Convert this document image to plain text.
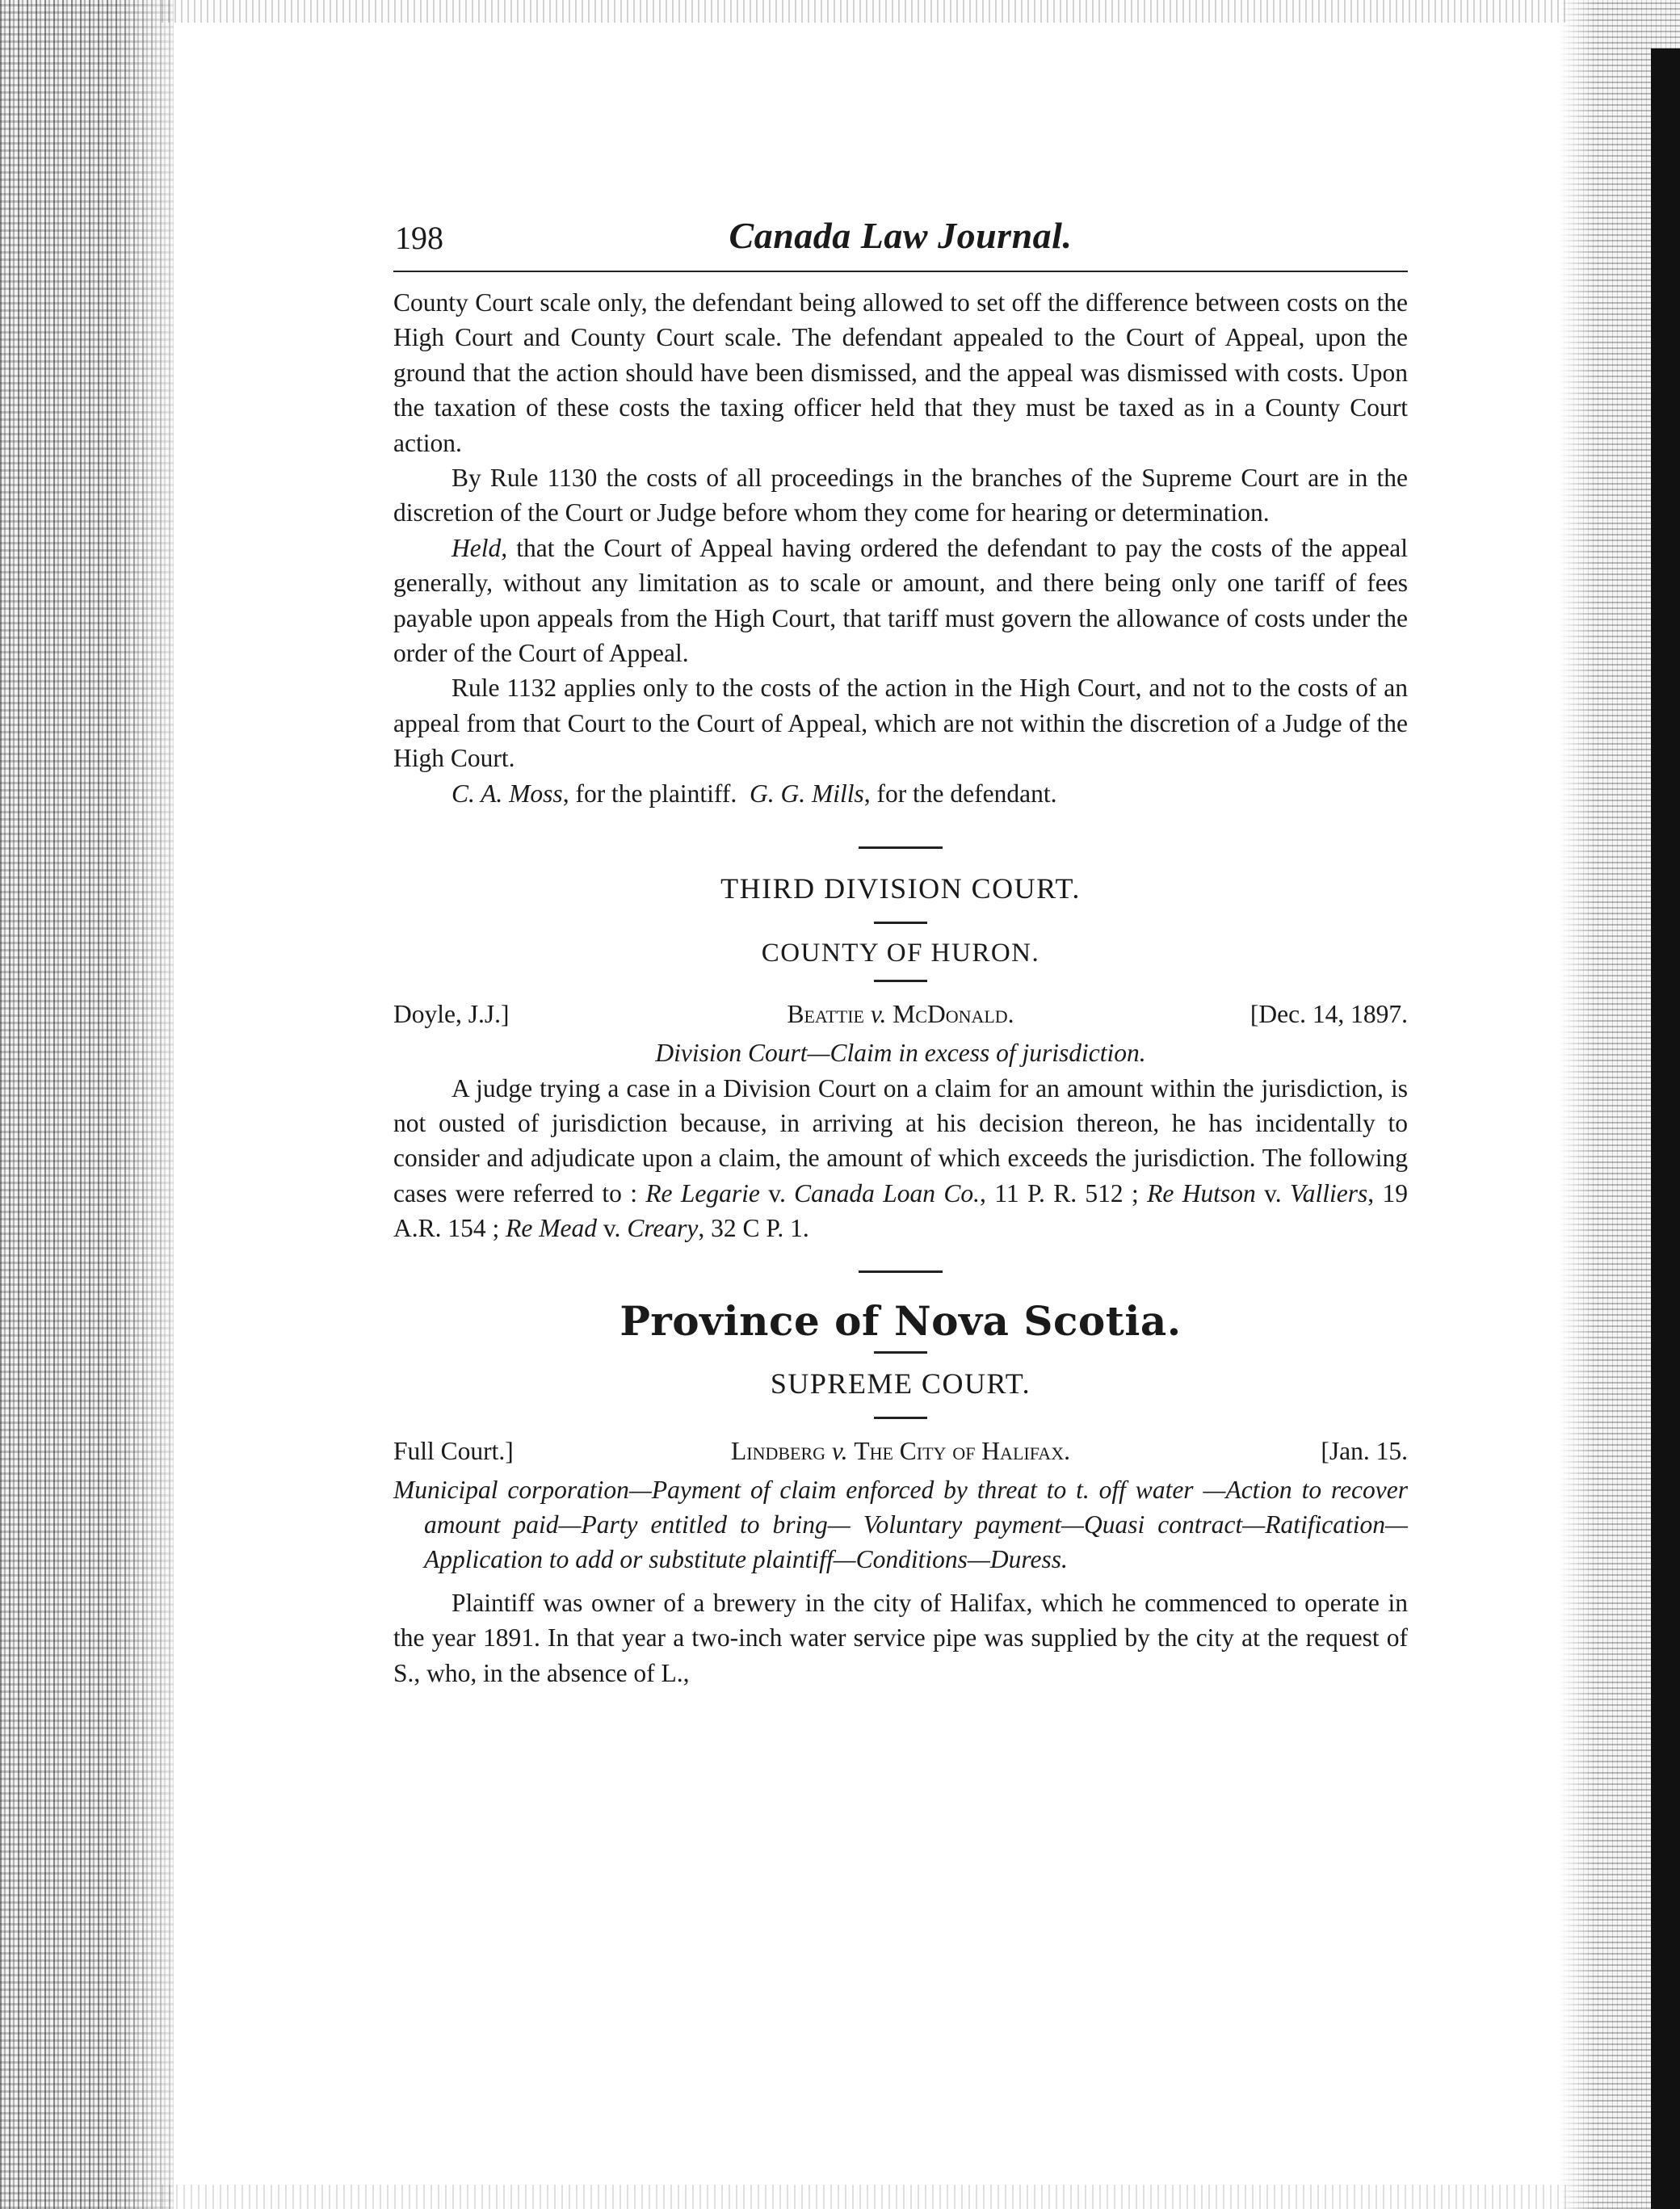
198	Canada Law Journal.

County Court scale only, the defendant being allowed to set off the difference between costs on the High Court and County Court scale. The defendant appealed to the Court of Appeal, upon the ground that the action should have been dismissed, and the appeal was dismissed with costs. Upon the taxation of these costs the taxing officer held that they must be taxed as in a County Court action.

By Rule 1130 the costs of all proceedings in the branches of the Supreme Court are in the discretion of the Court or Judge before whom they come for hearing or determination.

Held, that the Court of Appeal having ordered the defendant to pay the costs of the appeal generally, without any limitation as to scale or amount, and there being only one tariff of fees payable upon appeals from the High Court, that tariff must govern the allowance of costs under the order of the Court of Appeal.

Rule 1132 applies only to the costs of the action in the High Court, and not to the costs of an appeal from that Court to the Court of Appeal, which are not within the discretion of a Judge of the High Court.

C. A. Moss, for the plaintiff. G. G. Mills, for the defendant.

THIRD DIVISION COURT.
COUNTY OF HURON.
Doyle, J.J.]	Beattie v. McDonald.	[Dec. 14, 1897.
Division Court—Claim in excess of jurisdiction.

A judge trying a case in a Division Court on a claim for an amount within the jurisdiction, is not ousted of jurisdiction because, in arriving at his decision thereon, he has incidentally to consider and adjudicate upon a claim, the amount of which exceeds the jurisdiction. The following cases were referred to : Re Legarie v. Canada Loan Co., 11 P. R. 512 ; Re Hutson v. Valliers, 19 A.R. 154 ; Re Mead v. Creary, 32 C P. 1.

Province of Nova Scotia.
SUPREME COURT.
Full Court.]	Lindberg v. The City of Halifax.	[Jan. 15.
Municipal corporation—Payment of claim enforced by threat to t. off water —Action to recover amount paid—Party entitled to bring— Voluntary payment—Quasi contract—Ratification—Application to add or substitute plaintiff—Conditions—Duress.

Plaintiff was owner of a brewery in the city of Halifax, which he commenced to operate in the year 1891. In that year a two-inch water service pipe was supplied by the city at the request of S., who, in the absence of L.,
